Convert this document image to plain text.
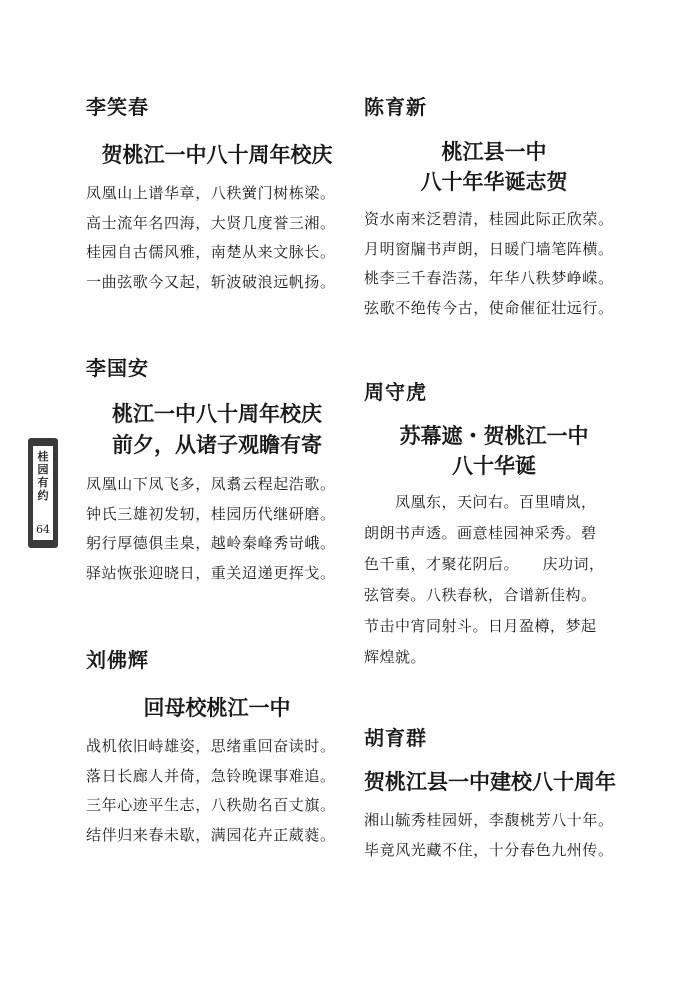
李笑春
贺桃江一中八十周年校庆
凤凰山上谱华章，八秩黉门树栋梁。
高士流年名四海，大贤几度誉三湘。
桂园自古儒风雅，南楚从来文脉长。
一曲弦歌今又起，斩波破浪远帆扬。
李国安
桃江一中八十周年校庆
前夕，从诸子观瞻有寄
凤凰山下凤飞多，凤翥云程起浩歌。
钟氏三雄初发轫，桂园历代继研磨。
躬行厚德俱圭臬，越岭秦峰秀岢峨。
驿站恢张迎晓日，重关迢递更挥戈。
刘佛辉
回母校桃江一中
战机依旧峙雄姿，思绪重回奋读时。
落日长廊人并倚，急铃晚课事难追。
三年心迹平生志，八秩勋名百丈旗。
结伴归来春未歇，满园花卉正葳蕤。
陈育新
桃江县一中
八十年华诞志贺
资水南来泛碧清，桂园此际正欣荣。
月明窗牖书声朗，日暖门墙笔阵横。
桃李三千春浩荡，年华八秩梦峥嵘。
弦歌不绝传今古，使命催征壮远行。
周守虎
苏幕遮・贺桃江一中
八十华诞
　　凤凰东，天问右。百里晴岚，
朗朗书声透。画意桂园神采秀。碧
色千重，才聚花阴后。　　庆功词，
弦管奏。八秩春秋，合谱新佳构。
节击中宵同射斗。日月盈樽，梦起
辉煌就。
胡育群
贺桃江县一中建校八十周年
湘山毓秀桂园妍，李馥桃芳八十年。
毕竟风光藏不住，十分春色九州传。
桂
园
有
约
64
